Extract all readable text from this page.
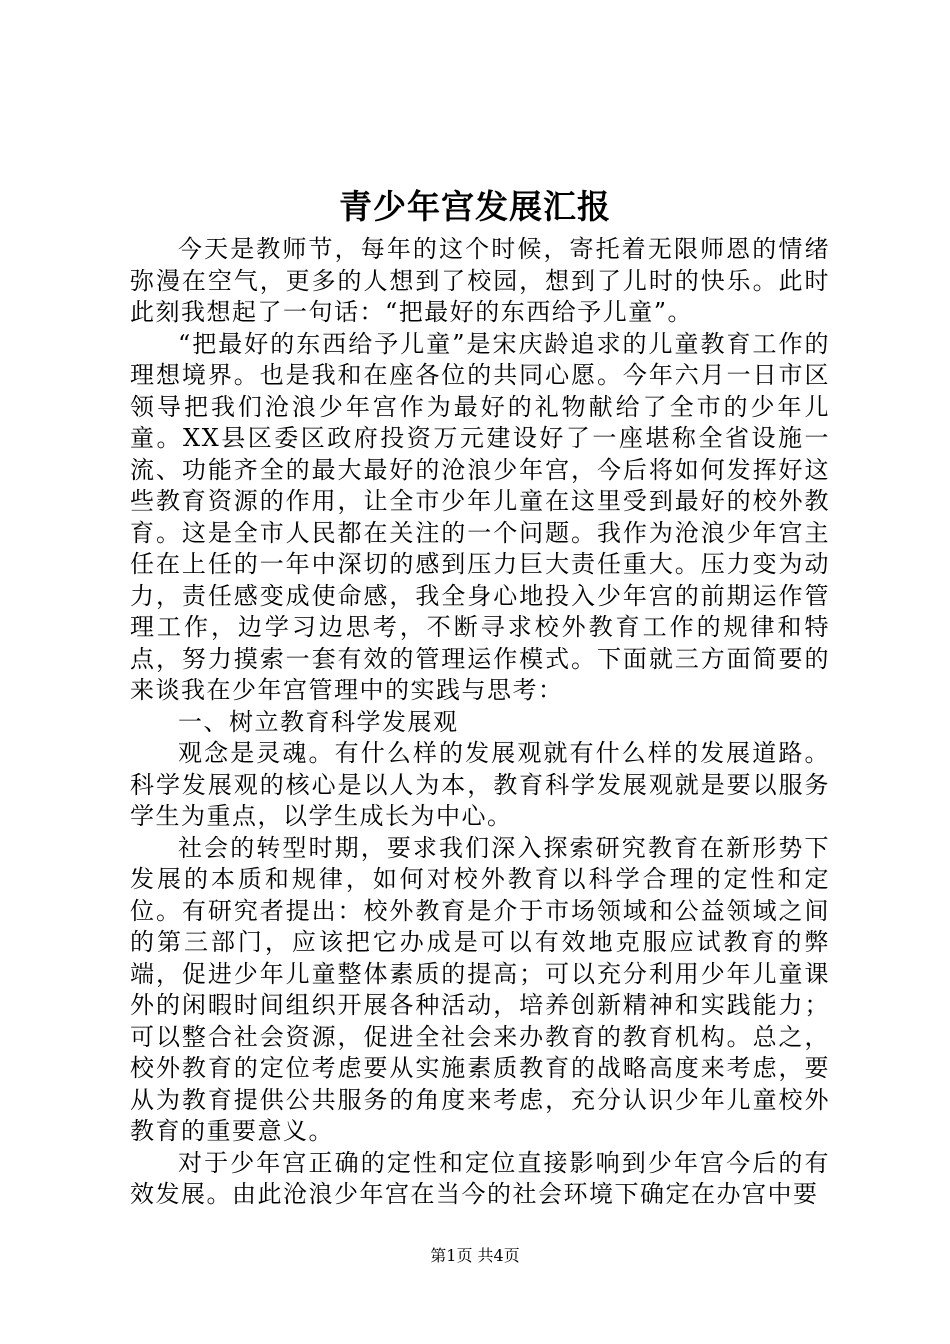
青少年宫发展汇报

今天是教师节，每年的这个时候，寄托着无限师恩的情绪弥漫在空气，更多的人想到了校园，想到了儿时的快乐。此时此刻我想起了一句话：“把最好的东西给予儿童”。

“把最好的东西给予儿童”是宋庆龄追求的儿童教育工作的理想境界。也是我和在座各位的共同心愿。今年六月一日市区领导把我们沧浪少年宫作为最好的礼物献给了全市的少年儿童。XX县区委区政府投资万元建设好了一座堪称全省设施一流、功能齐全的最大最好的沧浪少年宫，今后将如何发挥好这些教育资源的作用，让全市少年儿童在这里受到最好的校外教育。这是全市人民都在关注的一个问题。我作为沧浪少年宫主任在上任的一年中深切的感到压力巨大责任重大。压力变为动力，责任感变成使命感，我全身心地投入少年宫的前期运作管理工作，边学习边思考，不断寻求校外教育工作的规律和特点，努力摸索一套有效的管理运作模式。下面就三方面简要的来谈我在少年宫管理中的实践与思考：

一、树立教育科学发展观

观念是灵魂。有什么样的发展观就有什么样的发展道路。科学发展观的核心是以人为本，教育科学发展观就是要以服务学生为重点，以学生成长为中心。

社会的转型时期，要求我们深入探索研究教育在新形势下发展的本质和规律，如何对校外教育以科学合理的定性和定位。有研究者提出：校外教育是介于市场领域和公益领域之间的第三部门，应该把它办成是可以有效地克服应试教育的弊端，促进少年儿童整体素质的提高；可以充分利用少年儿童课外的闲暇时间组织开展各种活动，培养创新精神和实践能力；可以整合社会资源，促进全社会来办教育的教育机构。总之，校外教育的定位考虑要从实施素质教育的战略高度来考虑，要从为教育提供公共服务的角度来考虑，充分认识少年儿童校外教育的重要意义。

对于少年宫正确的定性和定位直接影响到少年宫今后的有效发展。由此沧浪少年宫在当今的社会环境下确定在办宫中要

第1页 共4页
